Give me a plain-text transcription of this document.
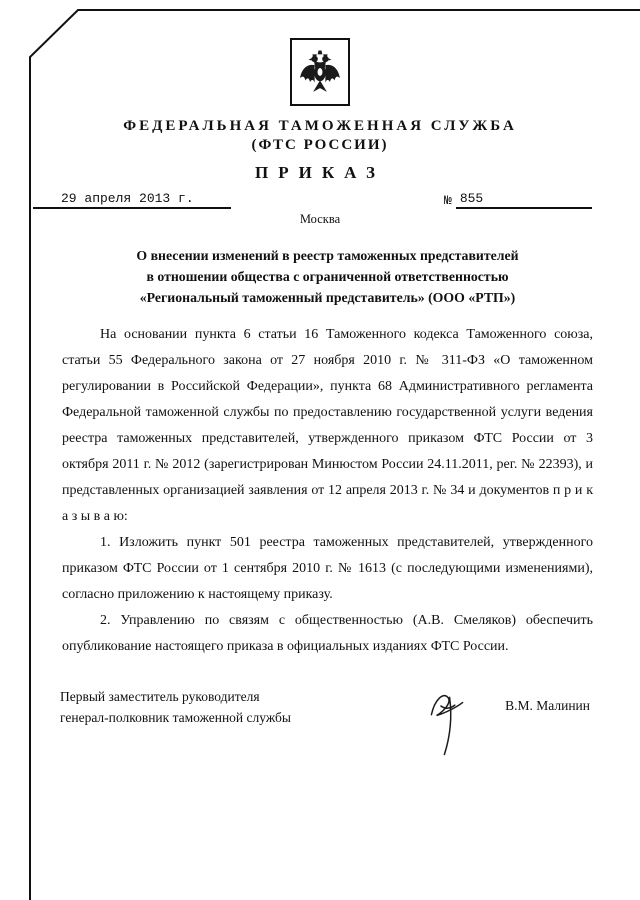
ФЕДЕРАЛЬНАЯ ТАМОЖЕННАЯ СЛУЖБА
(ФТС РОССИИ)
ПРИКАЗ
29 апреля 2013 г.	№ 855
Москва
О внесении изменений в реестр таможенных представителей
в отношении общества с ограниченной ответственностью
«Региональный таможенный представитель» (ООО «РТП»)

На основании пункта 6 статьи 16 Таможенного кодекса Таможенного союза, статьи 55 Федерального закона от 27 ноября 2010 г. № 311-ФЗ «О таможенном регулировании в Российской Федерации», пункта 68 Административного регламента Федеральной таможенной службы по предоставлению государственной услуги ведения реестра таможенных представителей, утвержденного приказом ФТС России от 3 октября 2011 г. № 2012 (зарегистрирован Минюстом России 24.11.2011, рег. № 22393), и представленных организацией заявления от 12 апреля 2013 г. № 34 и документов п р и к а з ы в а ю:

1. Изложить пункт 501 реестра таможенных представителей, утвержденного приказом ФТС России от 1 сентября 2010 г. № 1613 (с последующими изменениями), согласно приложению к настоящему приказу.

2. Управлению по связям с общественностью (А.В. Смеляков) обеспечить опубликование настоящего приказа в официальных изданиях ФТС России.

Первый заместитель руководителя
генерал-полковник таможенной службы
В.М. Малинин
